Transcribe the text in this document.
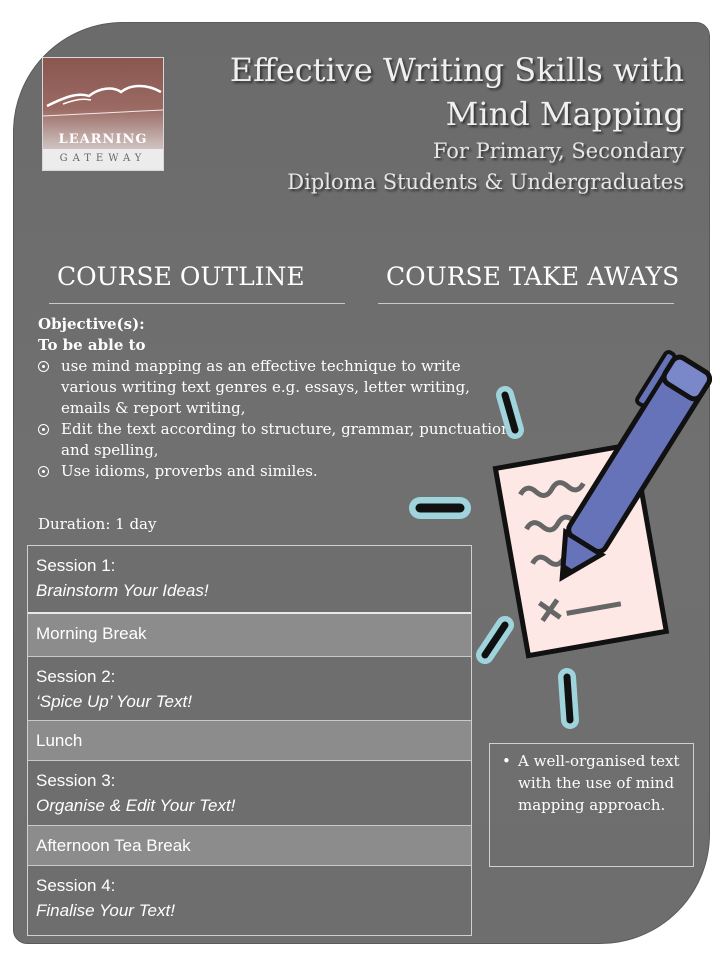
LEARNING
GATEWAY
Effective Writing Skills with
Mind Mapping
For Primary, Secondary
Diploma Students & Undergraduates
COURSE OUTLINE	COURSE TAKE AWAYS
Objective(s):
To be able to
use mind mapping as an effective technique to write various writing text genres e.g. essays, letter writing, emails & report writing,
Edit the text according to structure, grammar, punctuation and spelling,
Use idioms, proverbs and similes.
Duration: 1 day
Session 1:
Brainstorm Your Ideas!
Morning Break
Session 2:
‘Spice Up’ Your Text!
Lunch
Session 3:
Organise & Edit Your Text!
Afternoon Tea Break
Session 4:
Finalise Your Text!
• A well-organised text with the use of mind mapping approach.
